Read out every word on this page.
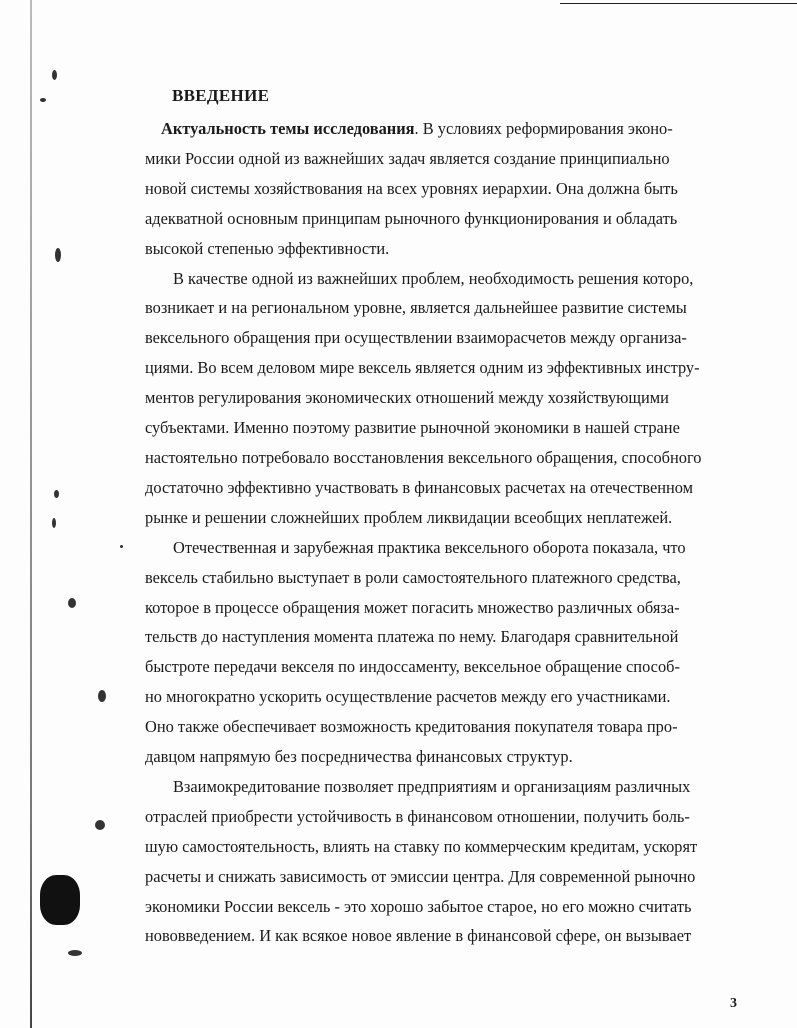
ВВЕДЕНИЕ
Актуальность темы исследования. В условиях реформирования эконо-
мики России одной из важнейших задач является создание принципиально
новой системы хозяйствования на всех уровнях иерархии. Она должна быть
адекватной основным принципам рыночного функционирования и обладать
высокой степенью эффективности.
В качестве одной из важнейших проблем, необходимость решения которо,
возникает и на региональном уровне, является дальнейшее развитие системы
вексельного обращения при осуществлении взаиморасчетов между организа-
циями. Во всем деловом мире вексель является одним из эффективных инстру-
ментов регулирования экономических отношений между хозяйствующими
субъектами. Именно поэтому развитие рыночной экономики в нашей стране
настоятельно потребовало восстановления вексельного обращения, способного
достаточно эффективно участвовать в финансовых расчетах на отечественном
рынке и решении сложнейших проблем ликвидации всеобщих неплатежей.
Отечественная и зарубежная практика вексельного оборота показала, что
вексель стабильно выступает в роли самостоятельного платежного средства,
которое в процессе обращения может погасить множество различных обяза-
тельств до наступления момента платежа по нему. Благодаря сравнительной
быстроте передачи векселя по индоссаменту, вексельное обращение способ-
но многократно ускорить осуществление расчетов между его участниками.
Оно также обеспечивает возможность кредитования покупателя товара про-
давцом напрямую без посредничества финансовых структур.
Взаимокредитование позволяет предприятиям и организациям различных
отраслей приобрести устойчивость в финансовом отношении, получить боль-
шую самостоятельность, влиять на ставку по коммерческим кредитам, ускорят
расчеты и снижать зависимость от эмиссии центра. Для современной рыночно
экономики России вексель - это хорошо забытое старое, но его можно считать
нововведением. И как всякое новое явление в финансовой сфере, он вызывает
3
